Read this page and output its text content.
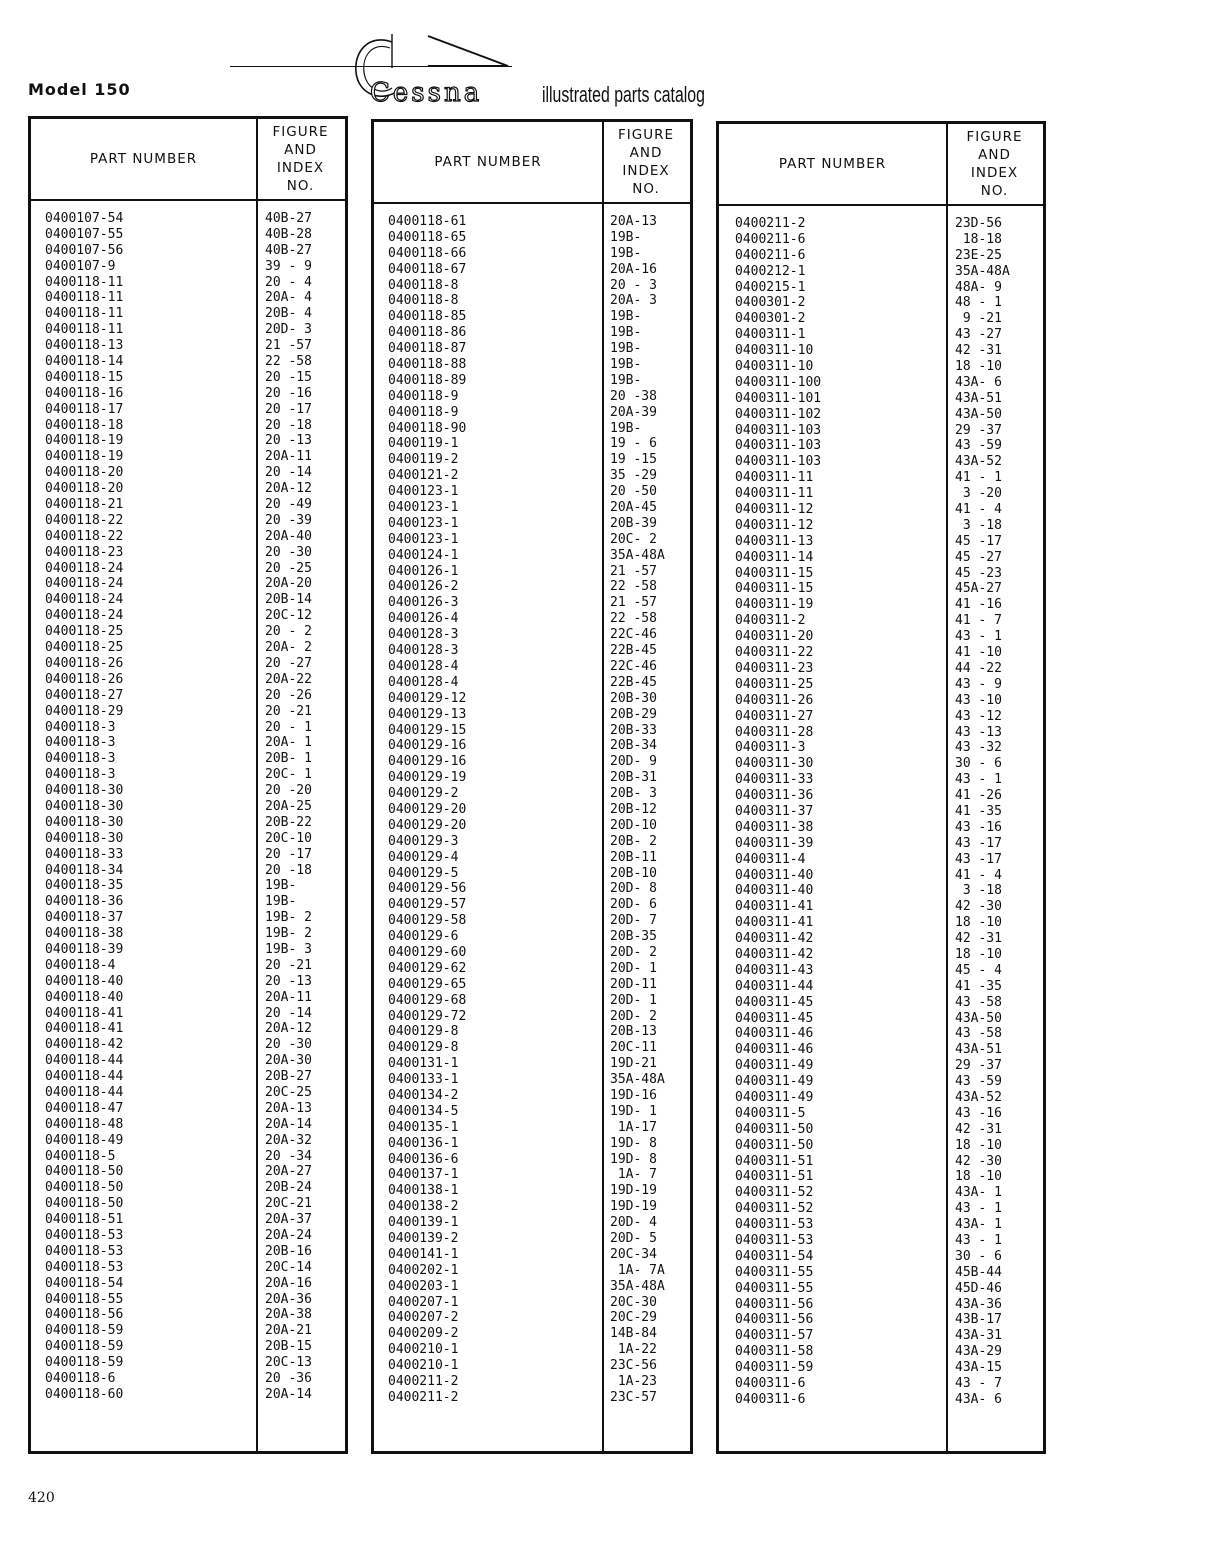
Model 150	Cessna	illustrated parts catalog
PART NUMBER
FIGURE
AND
INDEX
NO.
0400107-54	40B-27
0400107-55	40B-28
0400107-56	40B-27
0400107-9	39 - 9
0400118-11	20 - 4
0400118-11	20A- 4
0400118-11	20B- 4
0400118-11	20D- 3
0400118-13	21 -57
0400118-14	22 -58
0400118-15	20 -15
0400118-16	20 -16
0400118-17	20 -17
0400118-18	20 -18
0400118-19	20 -13
0400118-19	20A-11
0400118-20	20 -14
0400118-20	20A-12
0400118-21	20 -49
0400118-22	20 -39
0400118-22	20A-40
0400118-23	20 -30
0400118-24	20 -25
0400118-24	20A-20
0400118-24	20B-14
0400118-24	20C-12
0400118-25	20 - 2
0400118-25	20A- 2
0400118-26	20 -27
0400118-26	20A-22
0400118-27	20 -26
0400118-29	20 -21
0400118-3	20 - 1
0400118-3	20A- 1
0400118-3	20B- 1
0400118-3	20C- 1
0400118-30	20 -20
0400118-30	20A-25
0400118-30	20B-22
0400118-30	20C-10
0400118-33	20 -17
0400118-34	20 -18
0400118-35	19B-
0400118-36	19B-
0400118-37	19B- 2
0400118-38	19B- 2
0400118-39	19B- 3
0400118-4	20 -21
0400118-40	20 -13
0400118-40	20A-11
0400118-41	20 -14
0400118-41	20A-12
0400118-42	20 -30
0400118-44	20A-30
0400118-44	20B-27
0400118-44	20C-25
0400118-47	20A-13
0400118-48	20A-14
0400118-49	20A-32
0400118-5	20 -34
0400118-50	20A-27
0400118-50	20B-24
0400118-50	20C-21
0400118-51	20A-37
0400118-53	20A-24
0400118-53	20B-16
0400118-53	20C-14
0400118-54	20A-16
0400118-55	20A-36
0400118-56	20A-38
0400118-59	20A-21
0400118-59	20B-15
0400118-59	20C-13
0400118-6	20 -36
0400118-60	20A-14
PART NUMBER
FIGURE
AND
INDEX
NO.
0400118-61	20A-13
0400118-65	19B-
0400118-66	19B-
0400118-67	20A-16
0400118-8	20 - 3
0400118-8	20A- 3
0400118-85	19B-
0400118-86	19B-
0400118-87	19B-
0400118-88	19B-
0400118-89	19B-
0400118-9	20 -38
0400118-9	20A-39
0400118-90	19B-
0400119-1	19 - 6
0400119-2	19 -15
0400121-2	35 -29
0400123-1	20 -50
0400123-1	20A-45
0400123-1	20B-39
0400123-1	20C- 2
0400124-1	35A-48A
0400126-1	21 -57
0400126-2	22 -58
0400126-3	21 -57
0400126-4	22 -58
0400128-3	22C-46
0400128-3	22B-45
0400128-4	22C-46
0400128-4	22B-45
0400129-12	20B-30
0400129-13	20B-29
0400129-15	20B-33
0400129-16	20B-34
0400129-16	20D- 9
0400129-19	20B-31
0400129-2	20B- 3
0400129-20	20B-12
0400129-20	20D-10
0400129-3	20B- 2
0400129-4	20B-11
0400129-5	20B-10
0400129-56	20D- 8
0400129-57	20D- 6
0400129-58	20D- 7
0400129-6	20B-35
0400129-60	20D- 2
0400129-62	20D- 1
0400129-65	20D-11
0400129-68	20D- 1
0400129-72	20D- 2
0400129-8	20B-13
0400129-8	20C-11
0400131-1	19D-21
0400133-1	35A-48A
0400134-2	19D-16
0400134-5	19D- 1
0400135-1	1A-17
0400136-1	19D- 8
0400136-6	19D- 8
0400137-1	1A- 7
0400138-1	19D-19
0400138-2	19D-19
0400139-1	20D- 4
0400139-2	20D- 5
0400141-1	20C-34
0400202-1	1A- 7A
0400203-1	35A-48A
0400207-1	20C-30
0400207-2	20C-29
0400209-2	14B-84
0400210-1	1A-22
0400210-1	23C-56
0400211-2	1A-23
0400211-2	23C-57
PART NUMBER
FIGURE
AND
INDEX
NO.
0400211-2	23D-56
0400211-6	18-18
0400211-6	23E-25
0400212-1	35A-48A
0400215-1	48A- 9
0400301-2	48 - 1
0400301-2	9 -21
0400311-1	43 -27
0400311-10	42 -31
0400311-10	18 -10
0400311-100	43A- 6
0400311-101	43A-51
0400311-102	43A-50
0400311-103	29 -37
0400311-103	43 -59
0400311-103	43A-52
0400311-11	41 - 1
0400311-11	3 -20
0400311-12	41 - 4
0400311-12	3 -18
0400311-13	45 -17
0400311-14	45 -27
0400311-15	45 -23
0400311-15	45A-27
0400311-19	41 -16
0400311-2	41 - 7
0400311-20	43 - 1
0400311-22	41 -10
0400311-23	44 -22
0400311-25	43 - 9
0400311-26	43 -10
0400311-27	43 -12
0400311-28	43 -13
0400311-3	43 -32
0400311-30	30 - 6
0400311-33	43 - 1
0400311-36	41 -26
0400311-37	41 -35
0400311-38	43 -16
0400311-39	43 -17
0400311-4	43 -17
0400311-40	41 - 4
0400311-40	3 -18
0400311-41	42 -30
0400311-41	18 -10
0400311-42	42 -31
0400311-42	18 -10
0400311-43	45 - 4
0400311-44	41 -35
0400311-45	43 -58
0400311-45	43A-50
0400311-46	43 -58
0400311-46	43A-51
0400311-49	29 -37
0400311-49	43 -59
0400311-49	43A-52
0400311-5	43 -16
0400311-50	42 -31
0400311-50	18 -10
0400311-51	42 -30
0400311-51	18 -10
0400311-52	43A- 1
0400311-52	43 - 1
0400311-53	43A- 1
0400311-53	43 - 1
0400311-54	30 - 6
0400311-55	45B-44
0400311-55	45D-46
0400311-56	43A-36
0400311-56	43B-17
0400311-57	43A-31
0400311-58	43A-29
0400311-59	43A-15
0400311-6	43 - 7
0400311-6	43A- 6
420
